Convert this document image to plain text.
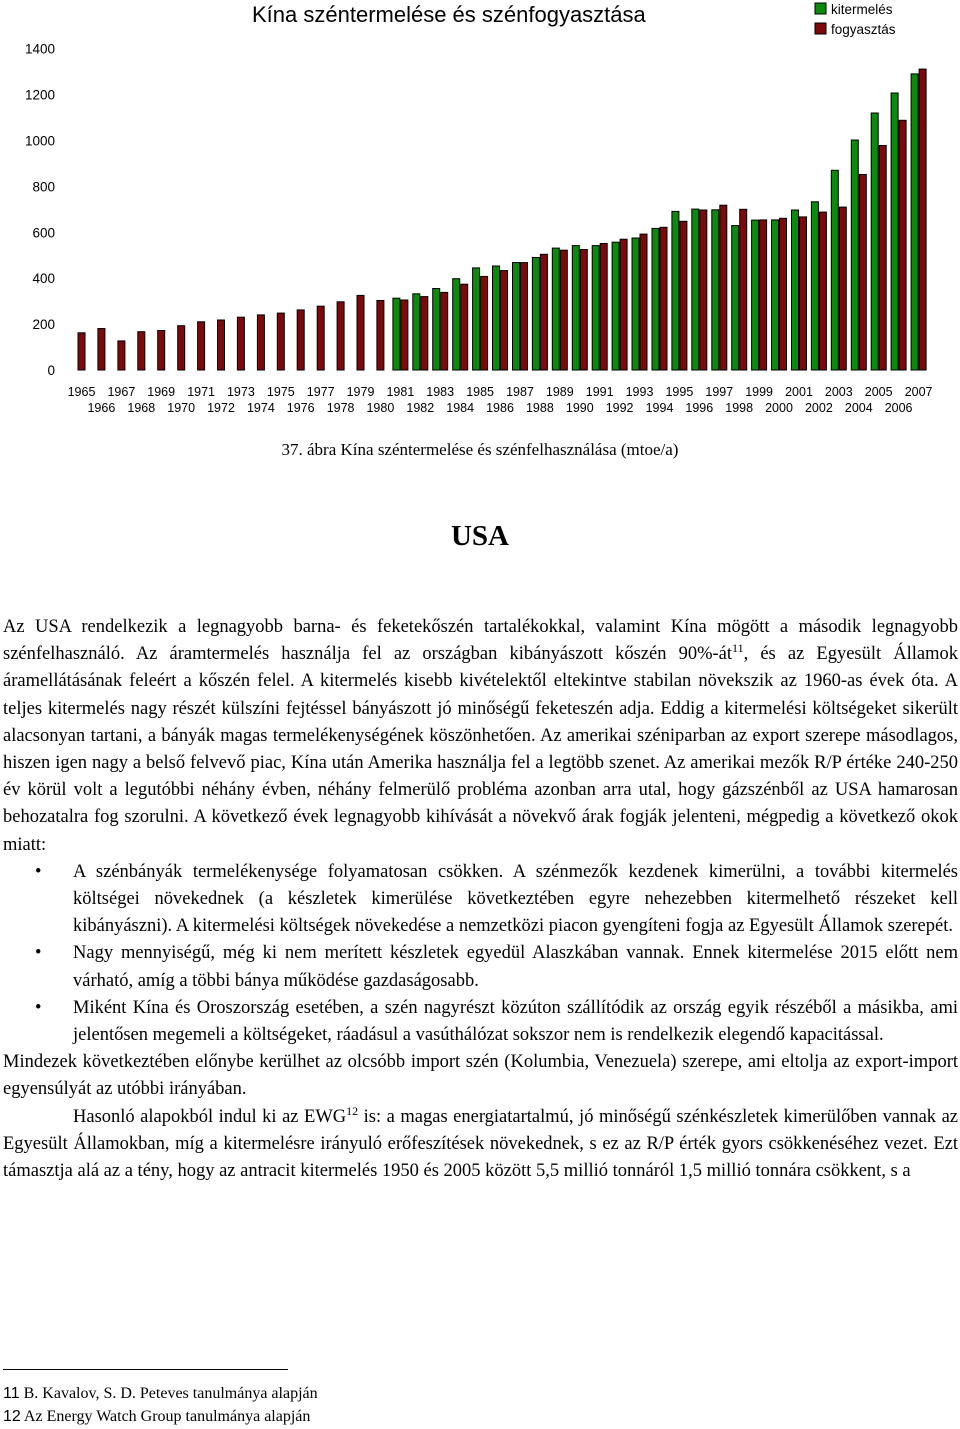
Kína széntermelése és szénfogyasztása
0
200
400
600
800
1000
1200
1400
1965 1967 1969 1971 1973 1975 1977 1979 1981 1983 1985 1987 1989 1991 1993 1995 1997 1999 2001 2003 2005 2007
1966 1968 1970 1972 1974 1976 1978 1980 1982 1984 1986 1988 1990 1992 1994 1996 1998 2000 2002 2004 2006
kitermelés
fogyasztás
37. ábra Kína széntermelése és szénfelhasználása (mtoe/a)
USA

Az USA rendelkezik a legnagyobb barna- és feketekőszén tartalékokkal, valamint Kína mögött a második legnagyobb szénfelhasználó. Az áramtermelés használja fel az országban kibányászott kőszén $90\%-át^{11}$, és az Egyesült Államok áramellátásának feleért a kőszén felel. A kitermelés kisebb kivételektől eltekintve stabilan növekszik az 1960-as évek óta. A teljes kitermelés nagy részét külszíni fejtéssel bányászott jó minőségű feketeszén adja. Eddig a kitermelési költségeket sikerült alacsonyan tartani, a bányák magas termelékenységének köszönhetően. Az amerikai széniparban az export szerepe másodlagos, hiszen igen nagy a belső felvevő piac, Kína után Amerika használja fel a legtöbb szenet. Az amerikai mezők R/P értéke 240-250 év körül volt a legutóbbi néhány évben, néhány felmerülő probléma azonban arra utal, hogy gázszénből az USA hamarosan behozatalra fog szorulni. A következő évek legnagyobb kihívását a növekvő árak fogják jelenteni, mégpedig a következő okok miatt:

• A szénbányák termelékenysége folyamatosan csökken. A szénmezők kezdenek kimerülni, a további kitermelés költségei növekednek (a készletek kimerülése következtében egyre nehezebben kitermelhető részeket kell kibányászni). A kitermelési költségek növekedése a nemzetközi piacon gyengíteni fogja az Egyesült Államok szerepét.
• Nagy mennyiségű, még ki nem merített készletek egyedül Alaszkában vannak. Ennek kitermelése 2015 előtt nem várható, amíg a többi bánya működése gazdaságosabb.
• Miként Kína és Oroszország esetében, a szén nagyrészt közúton szállítódik az ország egyik részéből a másikba, ami jelentősen megemeli a költségeket, ráadásul a vasúthálózat sokszor nem is rendelkezik elegendő kapacitással.

Mindezek következtében előnybe kerülhet az olcsóbb import szén (Kolumbia, Venezuela) szerepe, ami eltolja az export-import egyensúlyát az utóbbi irányában.

Hasonló alapokból indul ki az EWG$^{12}$ is: a magas energiatartalmú, jó minőségű szénkészletek kimerülőben vannak az Egyesült Államokban, míg a kitermelésre irányuló erőfeszítések növekednek, s ez az R/P érték gyors csökkenéséhez vezet. Ezt támasztja alá az a tény, hogy az antracit kitermelés 1950 és 2005 között 5,5 millió tonnáról 1,5 millió tonnára csökkent, s a

11 B. Kavalov, S. D. Peteves tanulmánya alapján
12 Az Energy Watch Group tanulmánya alapján
